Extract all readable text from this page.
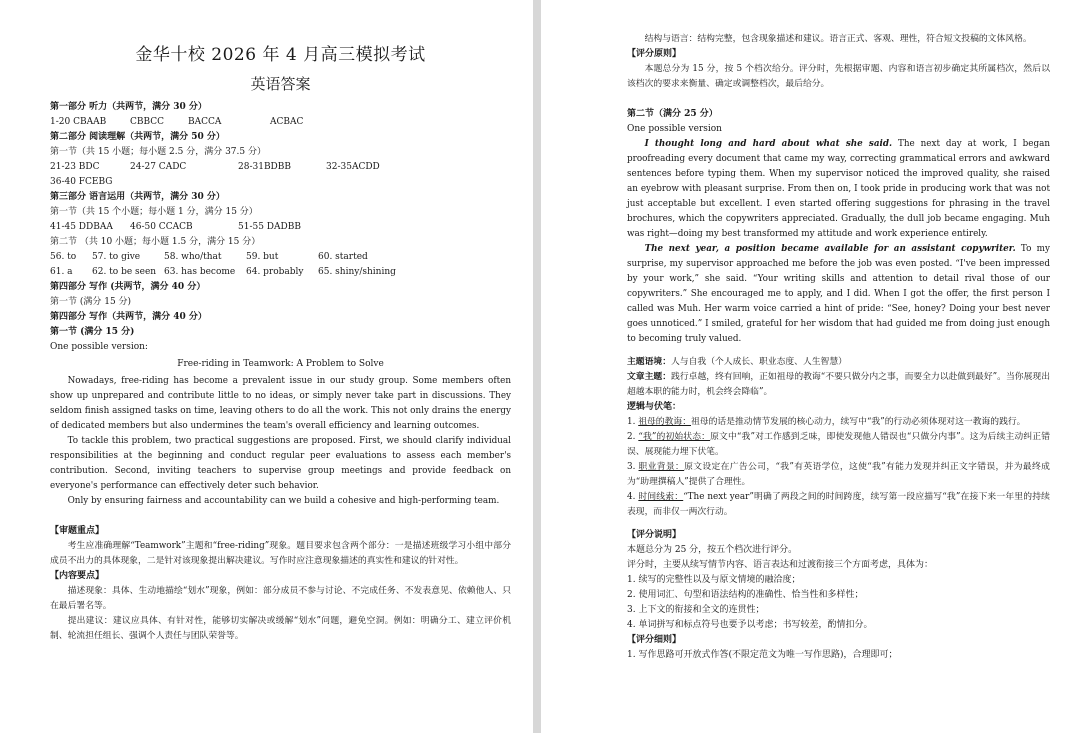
金华十校 2026 年 4 月高三模拟考试
英语答案
第一部分 听力（共两节，满分 30 分）
1-20 CBAAB	CBBCC	BACCA	ACBAC
第二部分 阅读理解（共两节，满分 50 分）
第一节（共 15 小题；每小题 2.5 分，满分 37.5 分）
21-23 BDC	24-27 CADC	28-31BDBB	32-35ACDD
36-40 FCEBG
第三部分 语言运用（共两节，满分 30 分）
第一节（共 15 个小题；每小题 1 分，满分 15 分）
41-45 DDBAA	46-50 CCACB	51-55 DADBB
第二节 （共 10 小题；每小题 1.5 分，满分 15 分）
56. to	57. to give	58. who/that	59. but	60. started
61. a	62. to be seen 63. has become	64. probably	65. shiny/shining
第四部分 写作 (共两节，满分 40 分）
第一节 (满分 15 分)
第四部分 写作（共两节，满分 40 分）
第一节 (满分 15 分)
One possible version:
Free-riding in Teamwork: A Problem to Solve

Nowadays, free-riding has become a prevalent issue in our study group. Some members often show up unprepared and contribute little to no ideas, or simply never take part in discussions. They seldom finish assigned tasks on time, leaving others to do all the work. This not only drains the energy of dedicated members but also undermines the team's overall efficiency and learning outcomes.

To tackle this problem, two practical suggestions are proposed. First, we should clarify individual responsibilities at the beginning and conduct regular peer evaluations to assess each member's contribution. Second, inviting teachers to supervise group meetings and provide feedback on everyone's performance can effectively deter such behavior.

Only by ensuring fairness and accountability can we build a cohesive and high-performing team.

【审题重点】

考生应准确理解“Teamwork”主题和“free-riding”现象。题目要求包含两个部分：一是描述班级学习小组中部分成员不出力的具体现象，二是针对该现象提出解决建议。写作时应注意现象描述的真实性和建议的针对性。

【内容要点】

描述现象：具体、生动地描绘“划水”现象，例如：部分成员不参与讨论、不完成任务、不发表意见、依赖他人、只在最后署名等。

提出建议：建议应具体、有针对性，能够切实解决或缓解“划水”问题，避免空洞。例如：明确分工、建立评价机制、轮流担任组长、强调个人责任与团队荣誉等。

结构与语言：结构完整，包含现象描述和建议。语言正式、客观、理性，符合短文投稿的文体风格。

【评分原则】

本题总分为 15 分，按 5 个档次给分。评分时，先根据审题、内容和语言初步确定其所属档次，然后以该档次的要求来衡量、确定或调整档次，最后给分。

第二节（满分 25 分）
One possible version

I thought long and hard about what she said. The next day at work, I began proofreading every document that came my way, correcting grammatical errors and awkward sentences before typing them. When my supervisor noticed the improved quality, she raised an eyebrow with pleasant surprise. From then on, I took pride in producing work that was not just acceptable but excellent. I even started offering suggestions for phrasing in the travel brochures, which the copywriters appreciated. Gradually, the dull job became engaging. Muh was right—doing my best transformed my attitude and work experience entirely.

The next year, a position became available for an assistant copywriter. To my surprise, my supervisor approached me before the job was even posted. “I've been impressed by your work,” she said. “Your writing skills and attention to detail rival those of our copywriters.” She encouraged me to apply, and I did. When I got the offer, the first person I called was Muh. Her warm voice carried a hint of pride: “See, honey? Doing your best never goes unnoticed.” I smiled, grateful for her wisdom that had guided me from doing just enough to becoming truly valued.

主题语境：人与自我（个人成长、职业态度、人生智慧）

文章主题：践行卓越，终有回响，正如祖母的教诲“不要只做分内之事，而要全力以赴做到最好”。当你展现出超越本职的能力时，机会终会降临”。

逻辑与伏笔：

1. 祖母的教诲：祖母的话是推动情节发展的核心动力，续写中“我”的行动必须体现对这一教诲的践行。

2. “我”的初始状态：原文中“我”对工作感到乏味，即使发现他人错误也“只做分内事”。这为后续主动纠正错误、展现能力埋下伏笔。

3. 职业背景：原文设定在广告公司，“我”有英语学位，这使“我”有能力发现并纠正文字错误，并为最终成为“助理撰稿人”提供了合理性。

4. 时间线索：“The next year”明确了两段之间的时间跨度，续写第一段应描写“我”在接下来一年里的持续表现，而非仅一两次行动。

【评分说明】
本题总分为 25 分，按五个档次进行评分。
评分时，主要从续写情节内容、语言表达和过渡衔接三个方面考虑，具体为：
1. 续写的完整性以及与原文情境的融洽度；
2. 使用词汇、句型和语法结构的准确性、恰当性和多样性；
3. 上下文的衔接和全文的连贯性；
4. 单词拼写和标点符号也要予以考虑；书写较差，酌情扣分。
【评分细则】
1. 写作思路可开放式作答(不限定范文为唯一写作思路)，合理即可；
